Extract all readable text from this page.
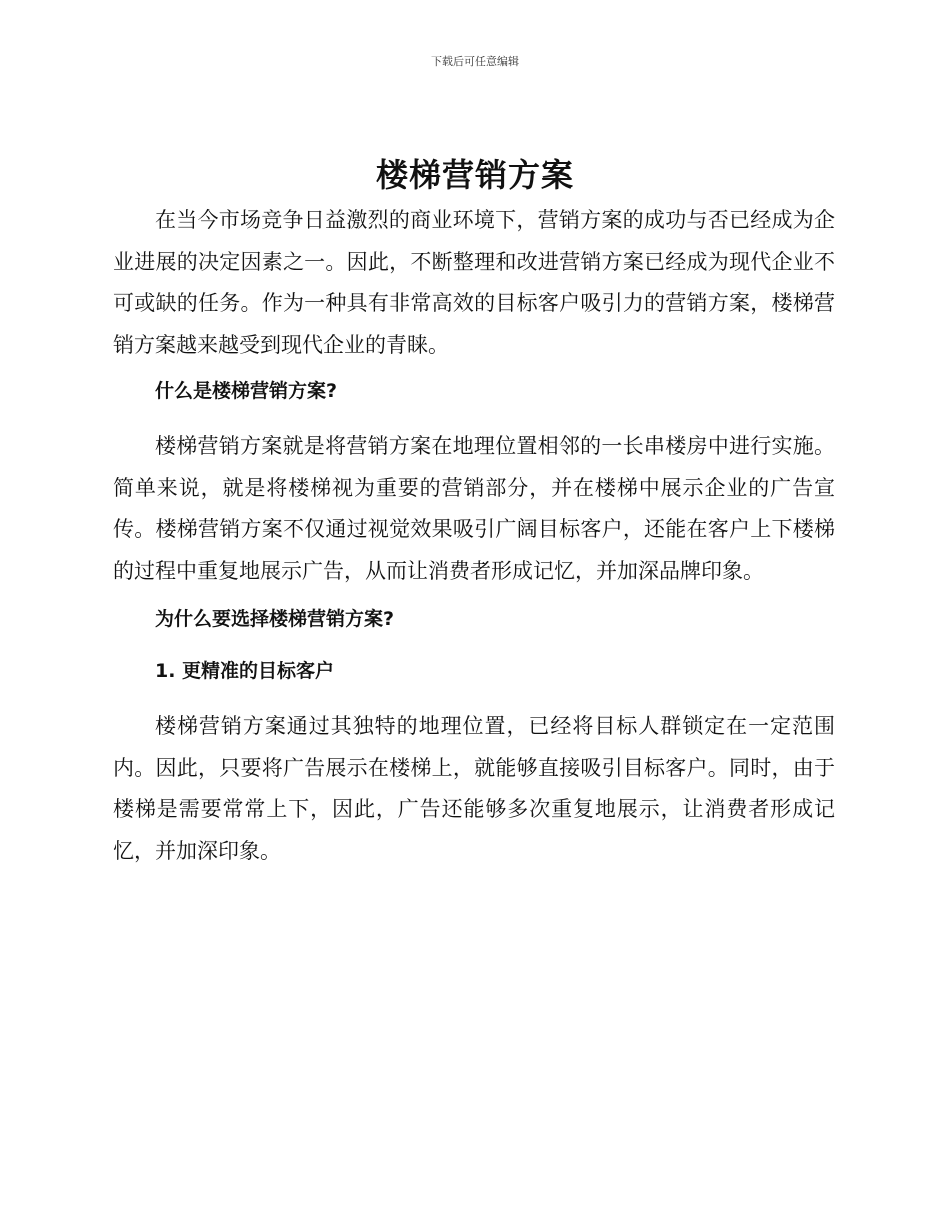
下载后可任意编辑
楼梯营销方案

在当今市场竞争日益激烈的商业环境下，营销方案的成功与否已经成为企业进展的决定因素之一。因此，不断整理和改进营销方案已经成为现代企业不可或缺的任务。作为一种具有非常高效的目标客户吸引力的营销方案，楼梯营销方案越来越受到现代企业的青睐。

什么是楼梯营销方案?

楼梯营销方案就是将营销方案在地理位置相邻的一长串楼房中进行实施。简单来说，就是将楼梯视为重要的营销部分，并在楼梯中展示企业的广告宣传。楼梯营销方案不仅通过视觉效果吸引广阔目标客户，还能在客户上下楼梯的过程中重复地展示广告，从而让消费者形成记忆，并加深品牌印象。

为什么要选择楼梯营销方案?
1. 更精准的目标客户

楼梯营销方案通过其独特的地理位置，已经将目标人群锁定在一定范围内。因此，只要将广告展示在楼梯上，就能够直接吸引目标客户。同时，由于楼梯是需要常常上下，因此，广告还能够多次重复地展示，让消费者形成记忆，并加深印象。
